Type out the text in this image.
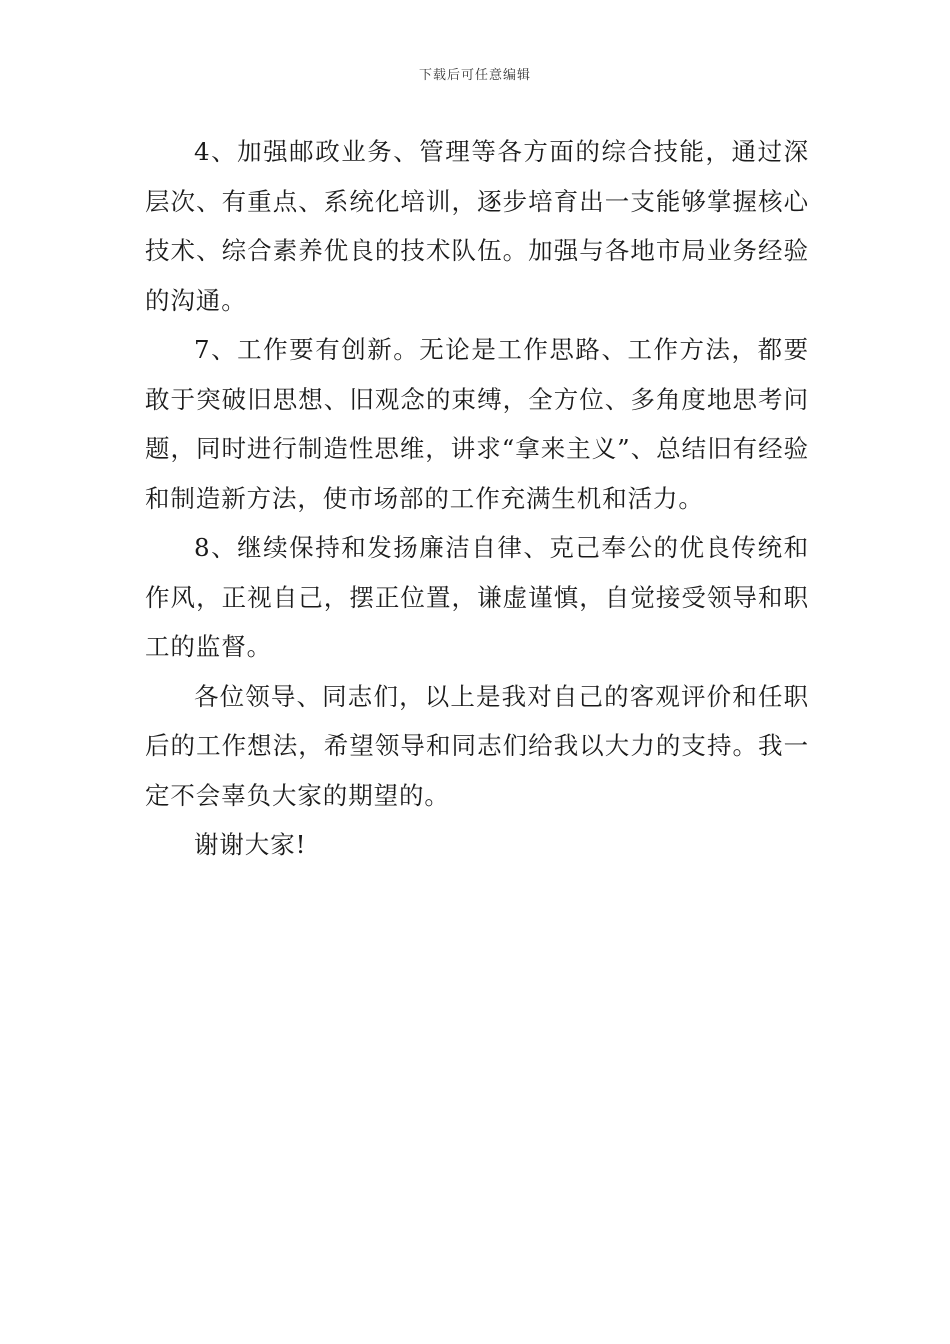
下载后可任意编辑

4、加强邮政业务、管理等各方面的综合技能，通过深层次、有重点、系统化培训，逐步培育出一支能够掌握核心技术、综合素养优良的技术队伍。加强与各地市局业务经验的沟通。

7、工作要有创新。无论是工作思路、工作方法，都要敢于突破旧思想、旧观念的束缚，全方位、多角度地思考问题，同时进行制造性思维，讲求“拿来主义”、总结旧有经验和制造新方法，使市场部的工作充满生机和活力。

8、继续保持和发扬廉洁自律、克己奉公的优良传统和作风，正视自己，摆正位置，谦虚谨慎，自觉接受领导和职工的监督。

各位领导、同志们，以上是我对自己的客观评价和任职后的工作想法，希望领导和同志们给我以大力的支持。我一定不会辜负大家的期望的。

谢谢大家!
